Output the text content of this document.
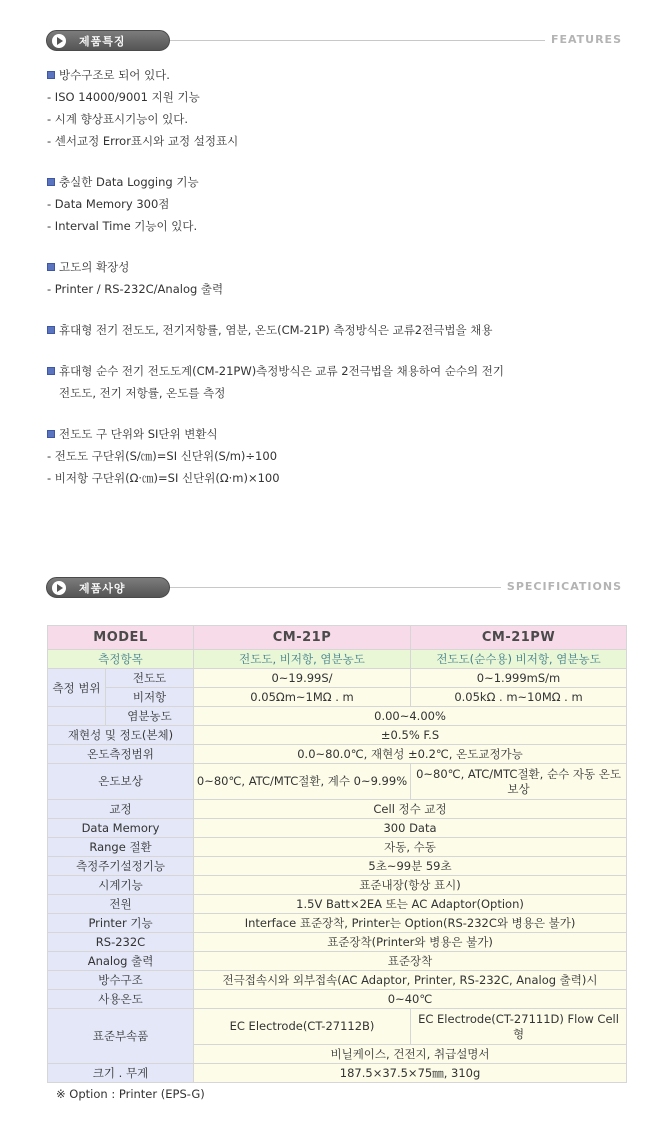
제품특징	FEATURES
방수구조로 되어 있다.
- ISO 14000/9001 지원 기능
- 시계 향상표시기능이 있다.
- 센서교정 Error표시와 교정 설정표시
충실한 Data Logging 기능
- Data Memory 300점
- Interval Time 기능이 있다.
고도의 확장성
- Printer / RS-232C/Analog 출력
휴대형 전기 전도도, 전기저항률, 염분, 온도(CM-21P) 측정방식은 교류2전극법을 채용
휴대형 순수 전기 전도도계(CM-21PW)측정방식은 교류 2전극법을 채용하여 순수의 전기
전도도, 전기 저항률, 온도를 측정
전도도 구 단위와 SI단위 변환식
- 전도도 구단위(S/㎝)=SI 신단위(S/m)÷100
- 비저항 구단위(Ω·㎝)=SI 신단위(Ω·m)×100
제품사양	SPECIFICATIONS
MODEL		CM-21P	CM-21PW
측정항목		전도도, 비저항, 염분농도	전도도(순수용) 비저항, 염분농도
측정 범위	전도도	0~19.99S/	0~1.999mS/m
	비저항	0.05Ωm~1MΩ . m	0.05kΩ . m~10MΩ . m
	염분농도	0.00~4.00%	
재현성 및 정도(본체)		±0.5% F.S	
온도측정범위		0.0~80.0℃, 재현성 ±0.2℃, 온도교정가능	
온도보상		0~80℃, ATC/MTC절환, 계수 0~9.99%	0~80℃, ATC/MTC절환, 순수 자동 온도 보상
교정		Cell 정수 교정	
Data Memory		300 Data	
Range 절환		자동, 수동	
측정주기설정기능		5초~99분 59초	
시계기능		표준내장(항상 표시)	
전원		1.5V Batt×2EA 또는 AC Adaptor(Option)	
Printer 기능		Interface 표준장착, Printer는 Option(RS-232C와 병용은 불가)	
RS-232C		표준장착(Printer와 병용은 불가)	
Analog 출력		표준장착	
방수구조		전극접속시와 외부접속(AC Adaptor, Printer, RS-232C, Analog 출력)시	
사용온도		0~40℃	
표준부속품		EC Electrode(CT-27112B)	EC Electrode(CT-27111D) Flow Cell형
		비닐케이스, 건전지, 취급설명서	
크기 . 무게		187.5×37.5×75㎜, 310g	
※ Option : Printer (EPS-G)
